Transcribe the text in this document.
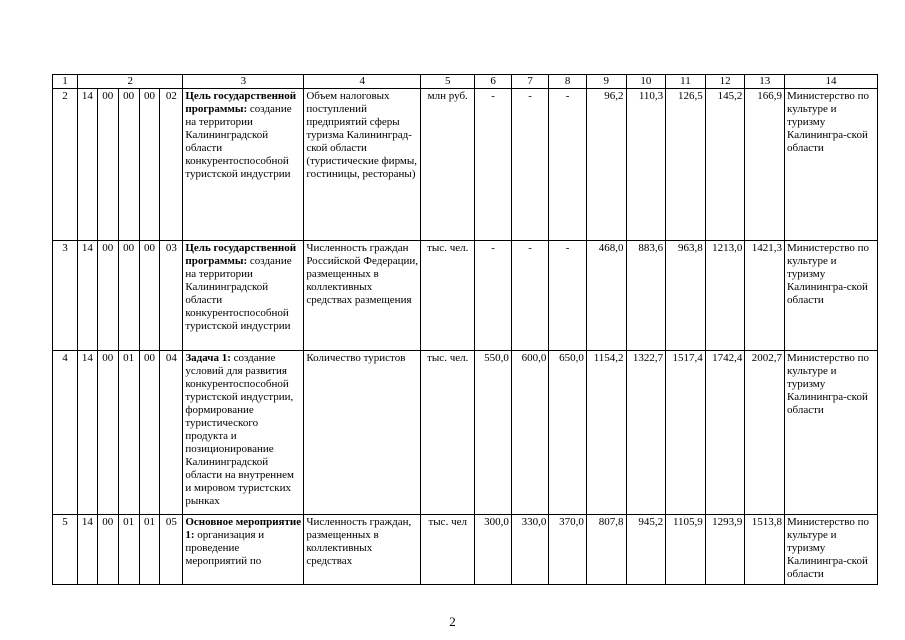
1	2					3	4	5	6	7	8	9	10	11	12	13	14
2	14	00	00	00	02	Цель государственной программы: создание на территории Калининградской области конкурентоспособной туристской индустрии	Объем налоговых поступлений предприятий сферы туризма Калининград-ской области (туристические фирмы, гостиницы, рестораны)	млн руб.	-	-	-	96,2	110,3	126,5	145,2	166,9	Министерство по культуре и туризму Калинингра-ской области
3	14	00	00	00	03	Цель государственной программы: создание на территории Калининградской области конкурентоспособной туристской индустрии	Численность граждан Российской Федерации, размещенных в коллективных средствах размещения	тыс. чел.	-	-	-	468,0	883,6	963,8	1213,0	1421,3	Министерство по культуре и туризму Калинингра-ской области
4	14	00	01	00	04	Задача 1: создание условий для развития конкурентоспособной туристской индустрии, формирование туристического продукта и позиционирование Калининградской области на внутреннем и мировом туристских рынках	Количество туристов	тыс. чел.	550,0	600,0	650,0	1154,2	1322,7	1517,4	1742,4	2002,7	Министерство по культуре и туризму Калинингра-ской области
5	14	00	01	01	05	Основное мероприятие 1: организация и проведение мероприятий по	Численность граждан, размещенных в коллективных средствах	тыс. чел	300,0	330,0	370,0	807,8	945,2	1105,9	1293,9	1513,8	Министерство по культуре и туризму Калинингра-ской области
2
